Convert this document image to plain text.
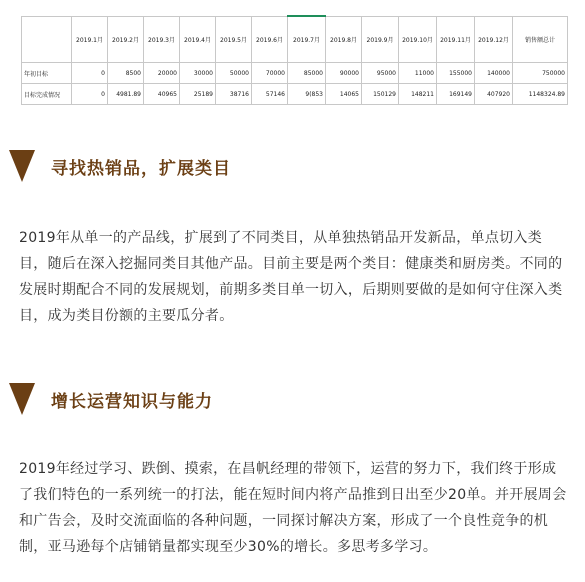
	2019.1月	2019.2月	2019.3月	2019.4月	2019.5月	2019.6月	2019.7月	2019.8月	2019.9月	2019.10月	2019.11月	2019.12月	销售额总计
年初目标	0	8500	20000	30000	50000	70000	85000	90000	95000	11000	155000	140000	750000
目标完成情况	0	4981.89	40965	25189	38716	57146	9(853	14065	150129	148211	169149	407920	1148324.89
寻找热销品，扩展类目
2019年从单一的产品线，扩展到了不同类目，从单独热销品开发新品，单点切入类目，随后在深入挖掘同类目其他产品。目前主要是两个类目：健康类和厨房类。不同的发展时期配合不同的发展规划，前期多类目单一切入，后期则要做的是如何守住深入类目，成为类目份额的主要瓜分者。
增长运营知识与能力
2019年经过学习、跌倒、摸索，在昌帆经理的带领下，运营的努力下，我们终于形成了我们特色的一系列统一的打法，能在短时间内将产品推到日出至少20单。并开展周会和广告会，及时交流面临的各种问题，一同探讨解决方案，形成了一个良性竞争的机制，亚马逊每个店铺销量都实现至少30%的增长。多思考多学习。
